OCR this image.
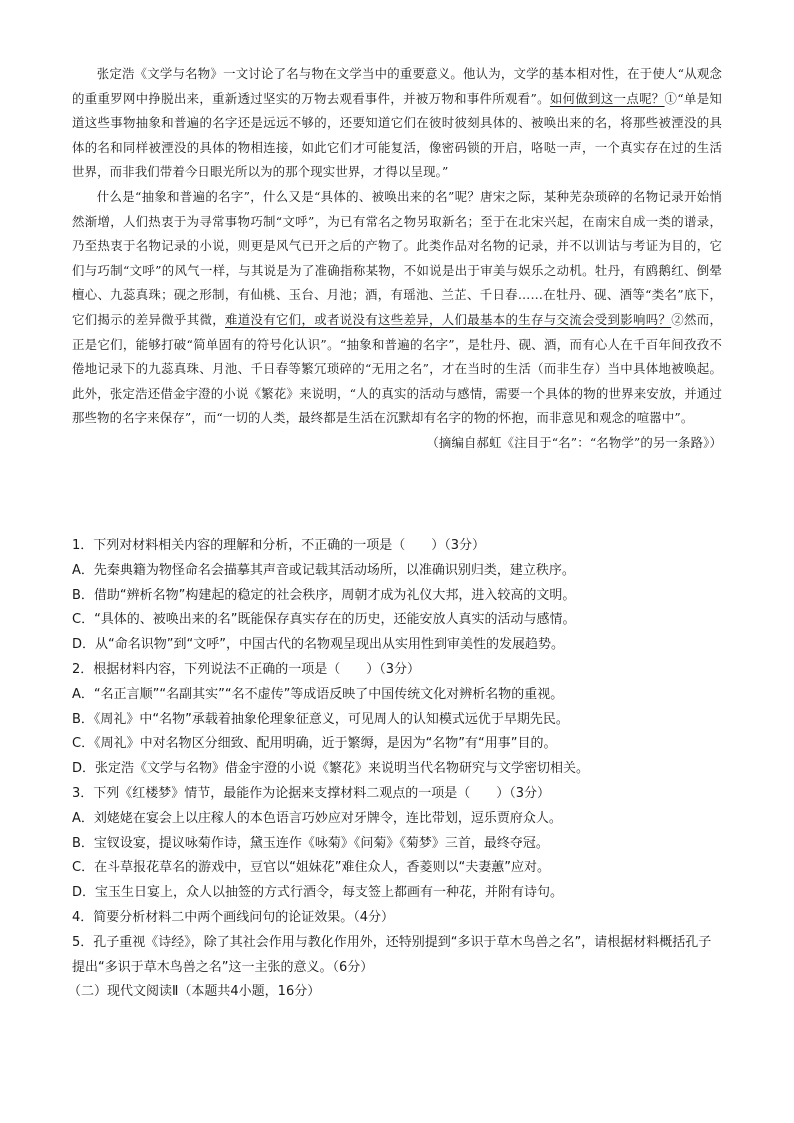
张定浩《文学与名物》一文讨论了名与物在文学当中的重要意义。他认为，文学的基本相对性，在于使人“从观念的重重罗网中挣脱出来，重新透过坚实的万物去观看事件，并被万物和事件所观看”。如何做到这一点呢？①“单是知道这些事物抽象和普遍的名字还是远远不够的，还要知道它们在彼时彼刻具体的、被唤出来的名，将那些被湮没的具体的名和同样被湮没的具体的物相连接，如此它们才可能复活，像密码锁的开启，咯哒一声，一个真实存在过的生活世界，而非我们带着今日眼光所以为的那个现实世界，才得以呈现。”

什么是“抽象和普遍的名字”，什么又是“具体的、被唤出来的名”呢？唐宋之际，某种芜杂琐碎的名物记录开始悄然渐增，人们热衷于为寻常事物巧制“文呼”，为已有常名之物另取新名；至于在北宋兴起，在南宋自成一类的谱录，乃至热衷于名物记录的小说，则更是风气已开之后的产物了。此类作品对名物的记录，并不以训诂与考证为目的，它们与巧制“文呼”的风气一样，与其说是为了准确指称某物，不如说是出于审美与娱乐之动机。牡丹，有鸥鹅红、倒晕檀心、九蕊真珠；砚之形制，有仙桃、玉台、月池；酒，有瑶池、兰芷、千日春……在牡丹、砚、酒等“类名”底下，它们揭示的差异微乎其微，难道没有它们，或者说没有这些差异，人们最基本的生存与交流会受到影响吗？②然而，正是它们，能够打破“简单固有的符号化认识”。“抽象和普遍的名字”，是牡丹、砚、酒，而有心人在千百年间孜孜不倦地记录下的九蕊真珠、月池、千日春等繁冗琐碎的“无用之名”，才在当时的生活（而非生存）当中具体地被唤起。此外，张定浩还借金宇澄的小说《繁花》来说明，“人的真实的活动与感情，需要一个具体的物的世界来安放，并通过那些物的名字来保存”，而“一切的人类，最终都是生活在沉默却有名字的物的怀抱，而非意见和观念的喧嚣中”。

（摘编自郝虹《注目于“名”：“名物学”的另一条路》）
1．下列对材料相关内容的理解和分析，不正确的一项是（　　）（3分）
A．先秦典籍为物怪命名会描摹其声音或记载其活动场所，以准确识别归类，建立秩序。
B．借助“辨析名物”构建起的稳定的社会秩序，周朝才成为礼仪大邦，进入较高的文明。
C．“具体的、被唤出来的名”既能保存真实存在的历史，还能安放人真实的活动与感情。
D．从“命名识物”到“文呼”，中国古代的名物观呈现出从实用性到审美性的发展趋势。
2．根据材料内容，下列说法不正确的一项是（　　）（3分）
A．“名正言顺”“名副其实”“名不虚传”等成语反映了中国传统文化对辨析名物的重视。
B．《周礼》中“名物”承载着抽象伦理象征意义，可见周人的认知模式远优于早期先民。
C．《周礼》中对名物区分细致、配用明确，近于繁缛，是因为“名物”有“用事”目的。
D．张定浩《文学与名物》借金宇澄的小说《繁花》来说明当代名物研究与文学密切相关。
3．下列《红楼梦》情节，最能作为论据来支撑材料二观点的一项是（　　）（3分）
A．刘姥姥在宴会上以庄稼人的本色语言巧妙应对牙牌令，连比带划，逗乐贾府众人。
B．宝钗设宴，提议咏菊作诗，黛玉连作《咏菊》《问菊》《菊梦》三首，最终夺冠。
C．在斗草报花草名的游戏中，豆官以“姐妹花”难住众人，香菱则以“夫妻蕙”应对。
D．宝玉生日宴上，众人以抽签的方式行酒令，每支签上都画有一种花，并附有诗句。
4．简要分析材料二中两个画线问句的论证效果。（4分）
5．孔子重视《诗经》，除了其社会作用与教化作用外，还特别提到“多识于草木鸟兽之名”，请根据材料概括孔子提出“多识于草木鸟兽之名”这一主张的意义。（6分）
（二）现代文阅读Ⅱ（本题共4小题，16分）
